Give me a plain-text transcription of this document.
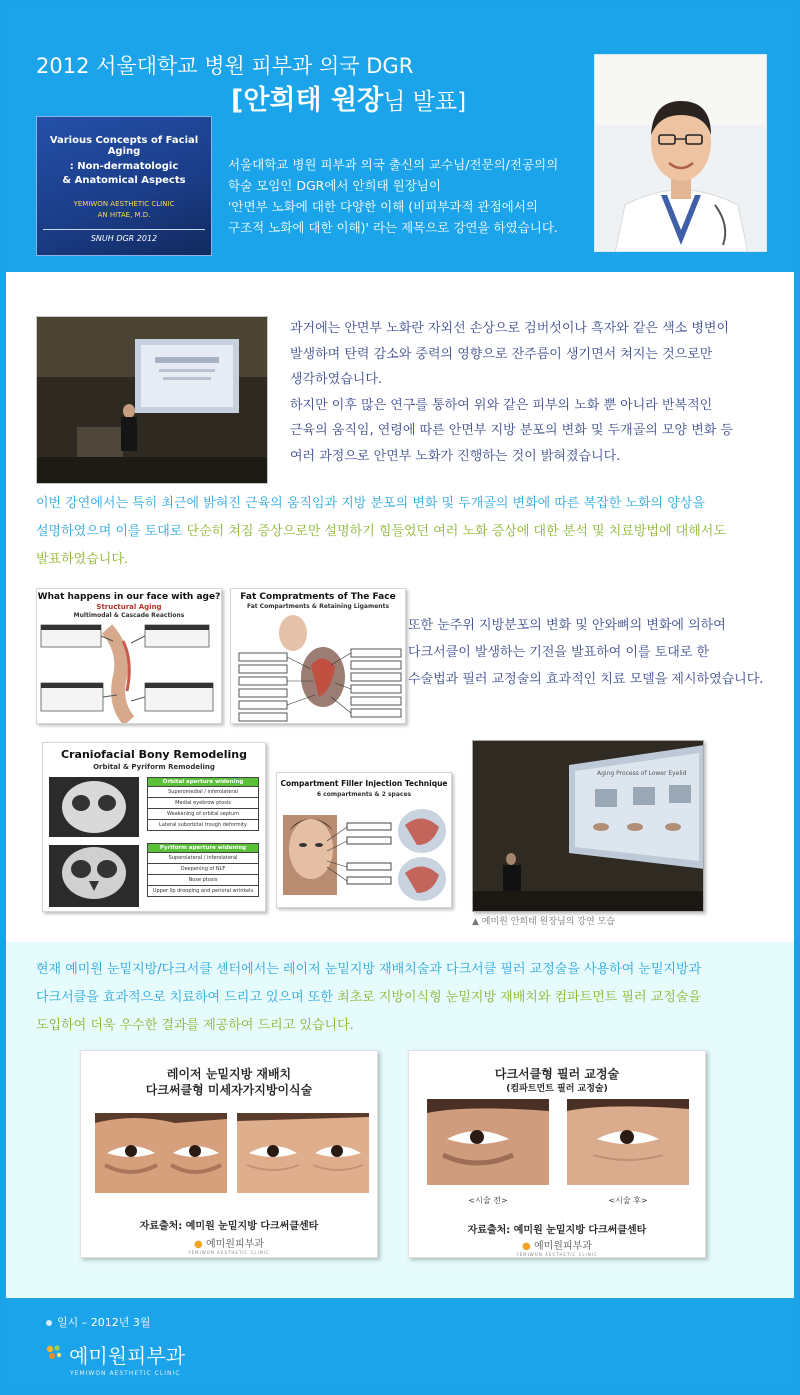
2012 서울대학교 병원 피부과 의국 DGR
[안희태 원장님 발표]
Various Concepts of Facial Aging
: Non-dermatologic
& Anatomical Aspects
YEMIWON AESTHETIC CLINIC
AN HITAE, M.D.
SNUH DGR 2012
서울대학교 병원 피부과 의국 출신의 교수님/전문의/전공의의
학술 모임인 DGR에서 안희태 원장님이
'안면부 노화에 대한 다양한 이해 (비피부과적 관점에서의
구조적 노화에 대한 이해)' 라는 제목으로 강연을 하였습니다.
과거에는 안면부 노화란 자외선 손상으로 검버섯이나 흑자와 같은 색소 병변이
발생하며 탄력 감소와 중력의 영향으로 잔주름이 생기면서 쳐지는 것으로만
생각하였습니다.
하지만 이후 많은 연구를 통하여 위와 같은 피부의 노화 뿐 아니라 반복적인
근육의 움직임, 연령에 따른 안면부 지방 분포의 변화 및 두개골의 모양 변화 등
여러 과정으로 안면부 노화가 진행하는 것이 밝혀졌습니다.
이번 강연에서는 특히 최근에 밝혀진 근육의 움직임과 지방 분포의 변화 및 두개골의 변화에 따른 복잡한 노화의 양상을
설명하였으며 이를 토대로 단순히 쳐짐 증상으로만 설명하기 힘들었던 여러 노화 증상에 대한 분석 및 치료방법에 대해서도
발표하였습니다.
What happens in our face with age?
Structural Aging
Multimodal & Cascade Reactions
Fat Compratments of The Face
Fat Compartments & Retaining Ligaments
또한 눈주위 지방분포의 변화 및 안와뼈의 변화에 의하여
다크서클이 발생하는 기전을 발표하여 이를 토대로 한
수술법과 필러 교정술의 효과적인 치료 모델을 제시하였습니다.
Craniofacial Bony Remodeling
Orbital & Pyriform Remodeling
Orbital aperture widening
Superomedial / inferolateral
Medial eyebrow ptosis
Weakening of orbital septum
Lateral suborbital trough deformity
Pyriform aperture widening
Superolateral / inferolateral
Deepening of NLF
Nose ptosis
Upper lip drooping and perioral wrinkels
Compartment Filler Injection Technique
6 compartments & 2 spaces
Aging Process of Lower Eyelid
▲ 예미원 안희태 원장님의 강연 모습
현재 예미원 눈밑지방/다크서클 센터에서는 레이저 눈밑지방 재배치술과 다크서클 필러 교정술을 사용하여 눈밑지방과
다크서클을 효과적으로 치료하여 드리고 있으며 또한 최초로 지방이식형 눈밑지방 재배치와 컴파트먼트 필러 교정술을
도입하여 더욱 우수한 결과를 제공하여 드리고 있습니다.
레이저 눈밑지방 재배치
다크써클형 미세자가지방이식술
자료출처: 예미원 눈밑지방 다크써클센타
● 예미원피부과
YEMIWON AESTHETIC CLINIC
다크서클형 필러 교정술
(컴파트먼트 필러 교정술)
<시술 전>	<시술 후>
자료출처: 예미원 눈밑지방 다크써클센타
● 예미원피부과
YEMIWON AESTHETIC CLINIC
일시 – 2012년 3월
예미원피부과
YEMIWON AESTHETIC CLINIC
